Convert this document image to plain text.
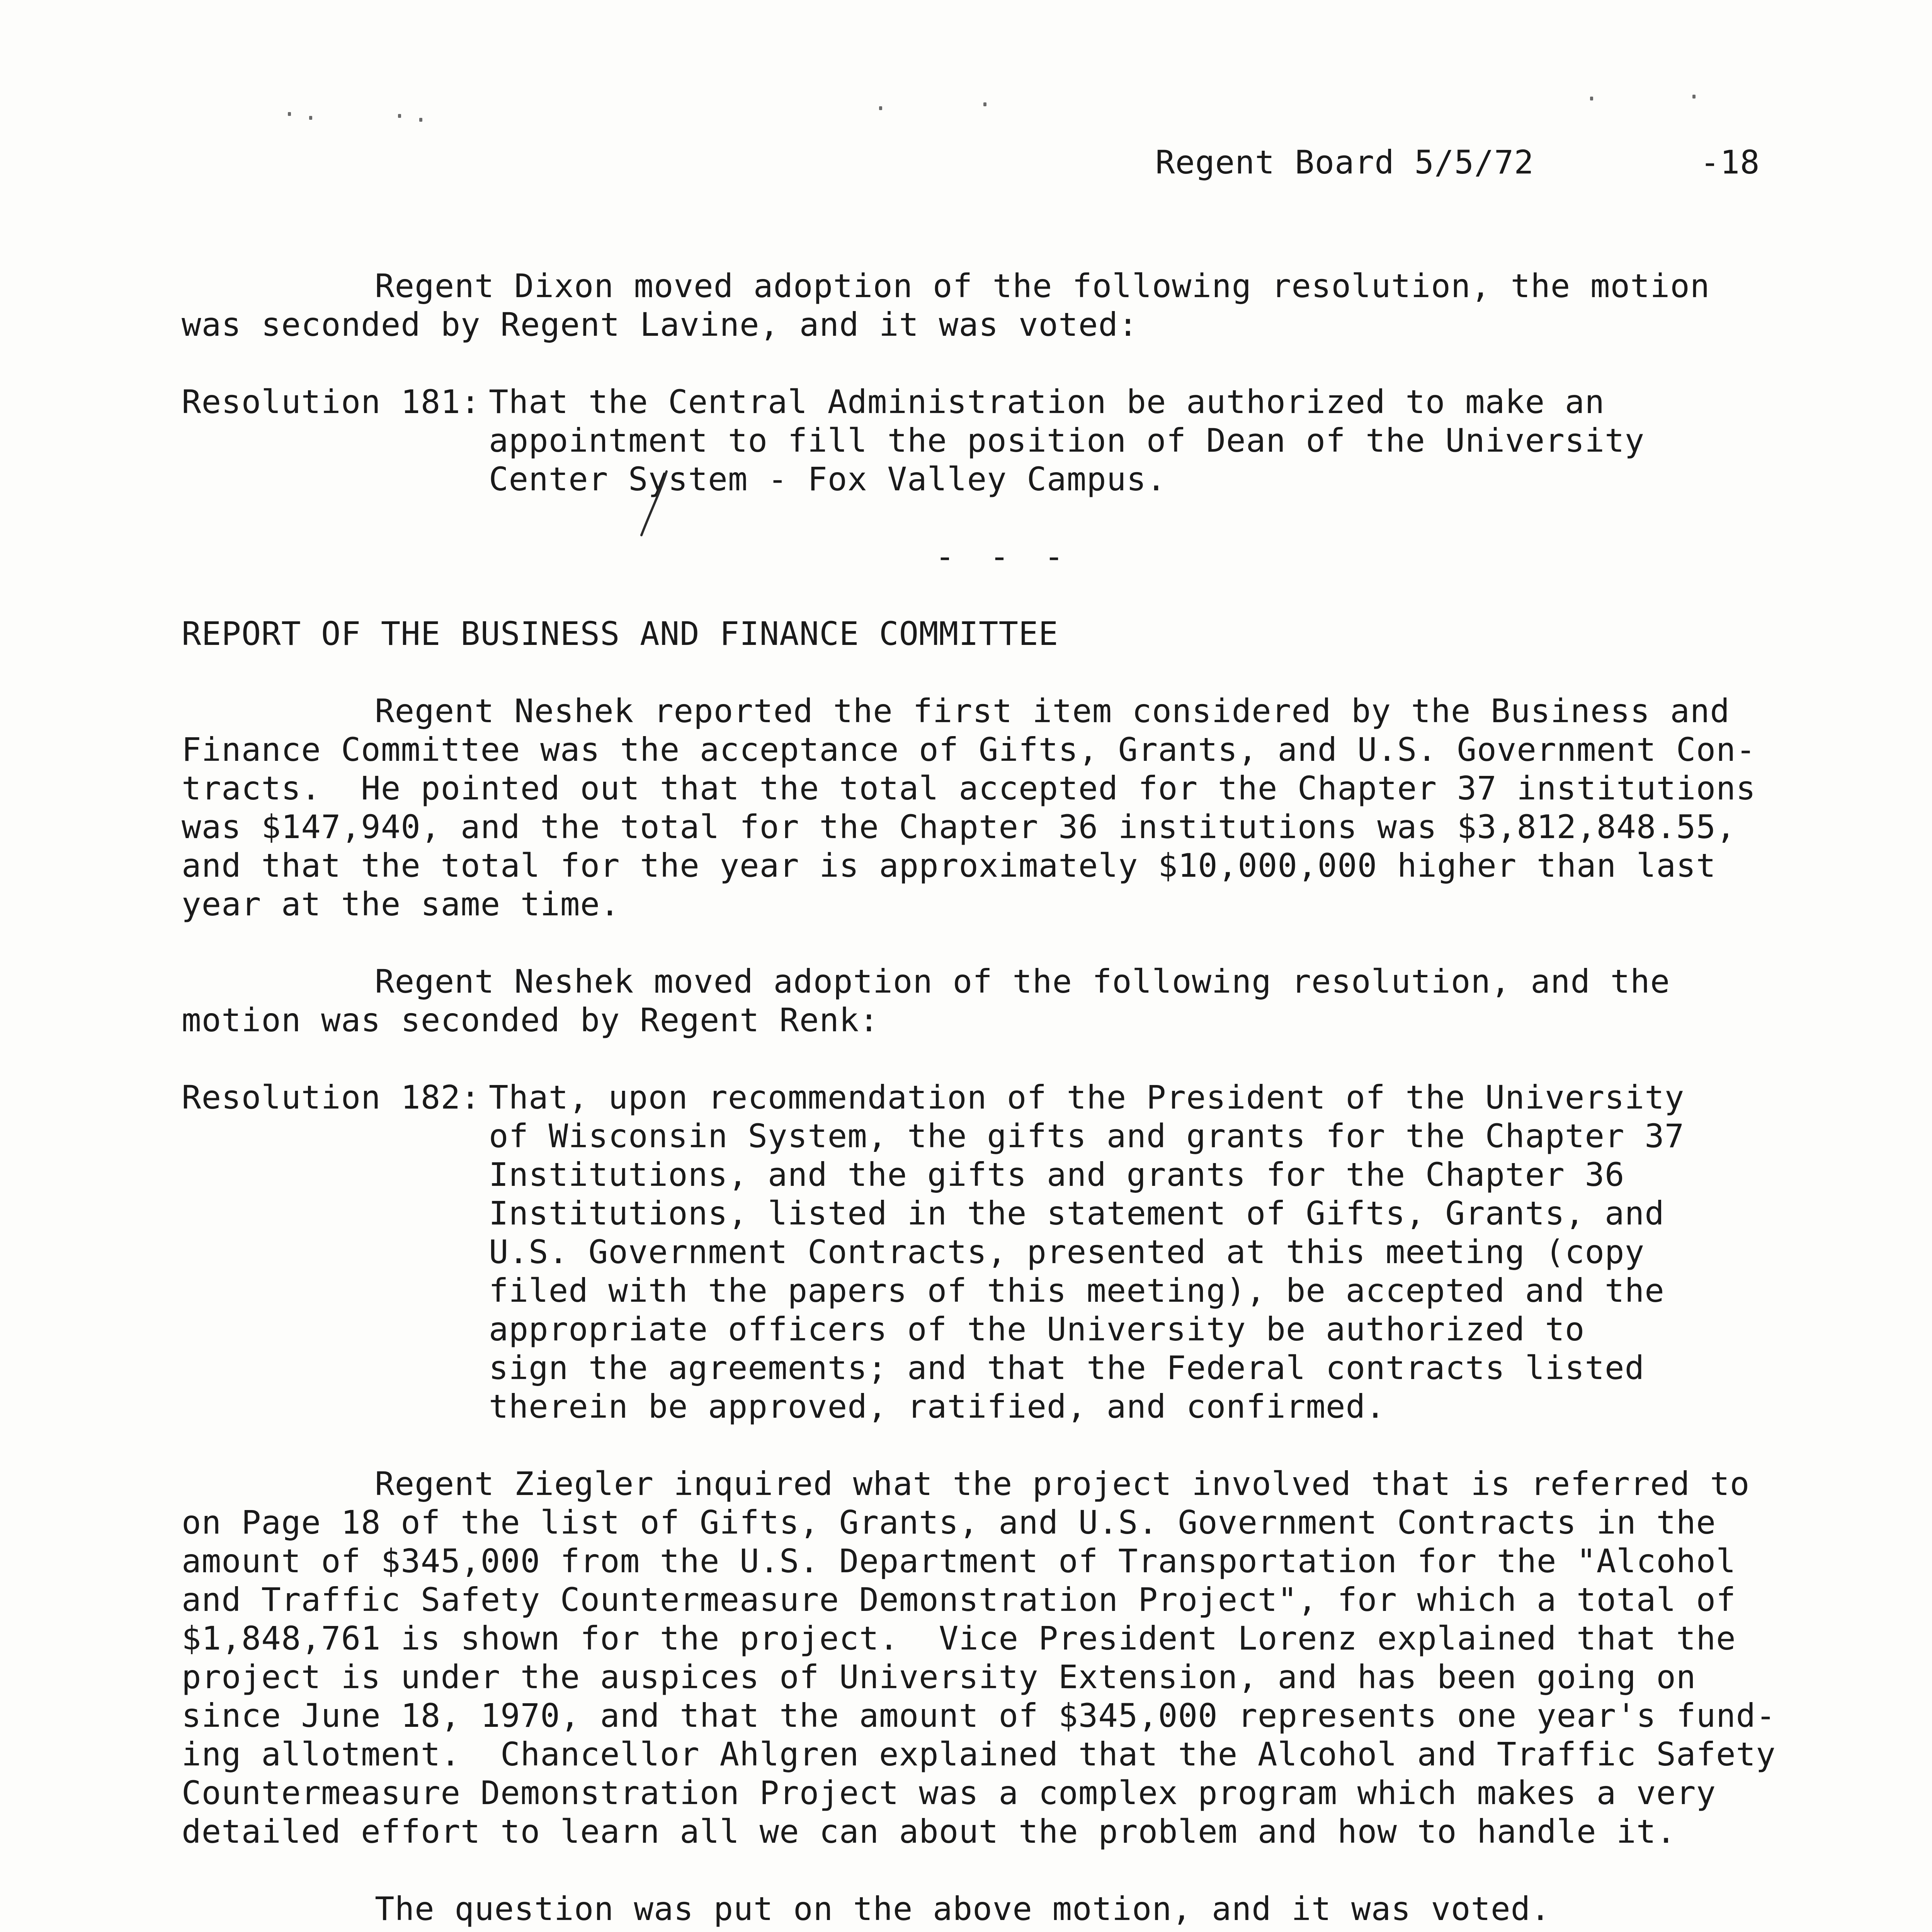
Regent Board 5/5/72	-18
Regent Dixon moved adoption of the following resolution, the motion
was seconded by Regent Lavine, and it was voted:
Resolution 181: That the Central Administration be authorized to make an
appointment to fill the position of Dean of the University
Center System - Fox Valley Campus.
- - -
REPORT OF THE BUSINESS AND FINANCE COMMITTEE
Regent Neshek reported the first item considered by the Business and
Finance Committee was the acceptance of Gifts, Grants, and U.S. Government Con-
tracts.  He pointed out that the total accepted for the Chapter 37 institutions
was $147,940, and the total for the Chapter 36 institutions was $3,812,848.55,
and that the total for the year is approximately $10,000,000 higher than last
year at the same time.
Regent Neshek moved adoption of the following resolution, and the
motion was seconded by Regent Renk:
Resolution 182: That, upon recommendation of the President of the University
of Wisconsin System, the gifts and grants for the Chapter 37
Institutions, and the gifts and grants for the Chapter 36
Institutions, listed in the statement of Gifts, Grants, and
U.S. Government Contracts, presented at this meeting (copy
filed with the papers of this meeting), be accepted and the
appropriate officers of the University be authorized to
sign the agreements; and that the Federal contracts listed
therein be approved, ratified, and confirmed.
Regent Ziegler inquired what the project involved that is referred to
on Page 18 of the list of Gifts, Grants, and U.S. Government Contracts in the
amount of $345,000 from the U.S. Department of Transportation for the "Alcohol
and Traffic Safety Countermeasure Demonstration Project", for which a total of
$1,848,761 is shown for the project.  Vice President Lorenz explained that the
project is under the auspices of University Extension, and has been going on
since June 18, 1970, and that the amount of $345,000 represents one year's fund-
ing allotment.  Chancellor Ahlgren explained that the Alcohol and Traffic Safety
Countermeasure Demonstration Project was a complex program which makes a very
detailed effort to learn all we can about the problem and how to handle it.
The question was put on the above motion, and it was voted.
